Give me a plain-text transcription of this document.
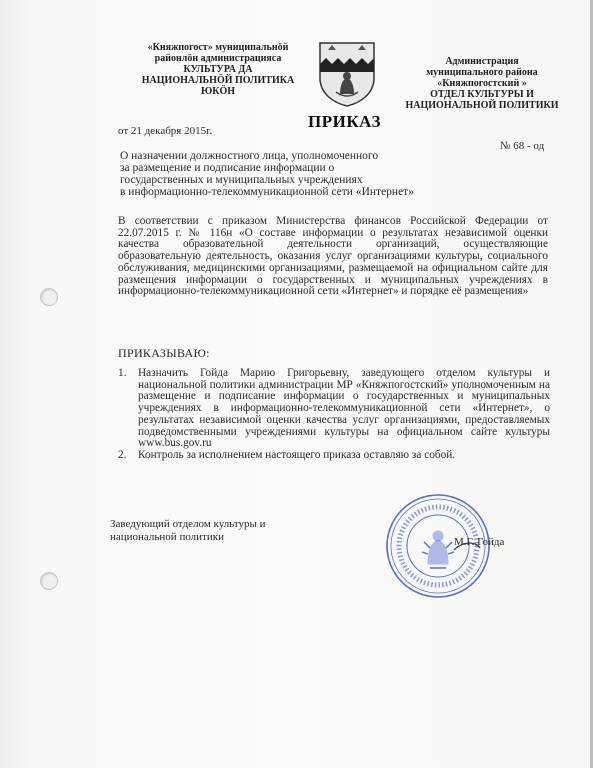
«Княжпогост» муниципальнӧй
районлӧн администрацияса
КУЛЬТУРА ДА
НАЦИОНАЛЬНӦЙ ПОЛИТИКА
ЮКӦН
Администрация
муниципального района
«Княжпогостский »
ОТДЕЛ КУЛЬТУРЫ И
НАЦИОНАЛЬНОЙ ПОЛИТИКИ
ПРИКАЗ
от 21 декабря 2015г.
№ 68 - од
О назначении должностного лица, уполномоченного
за размещение и подписание информации о
государственных и муниципальных учреждениях
в информационно-телекоммуникационной сети «Интернет»
В соответствии с приказом Министерства финансов Российской Федерации от 22.07.2015 г. № 116н «О составе информации о результатах независимой оценки качества образовательной деятельности организаций, осуществляющие образовательную деятельность, оказания услуг организациями культуры, социального обслуживания, медицинскими организациями, размещаемой на официальном сайте для размещения информации о государственных и муниципальных учреждениях в информационно-телекоммуникационной сети «Интернет» и порядке её размещения»
ПРИКАЗЫВАЮ:
1. Назначить Гойда Марию Григорьевну, заведующего отделом культуры и национальной политики администрации МР «Княжпогостский» уполномоченным на размещение и подписание информации о государственных и муниципальных учреждениях в информационно-телекоммуникационной сети «Интернет», о результатах независимой оценки качества услуг организациями, предоставляемых подведомственными учреждениями культуры на официальном сайте культуры www.bus.gov.ru
2. Контроль за исполнением настоящего приказа оставляю за собой.
Заведующий отделом культуры и
национальной политики	М.Г. Гойда
